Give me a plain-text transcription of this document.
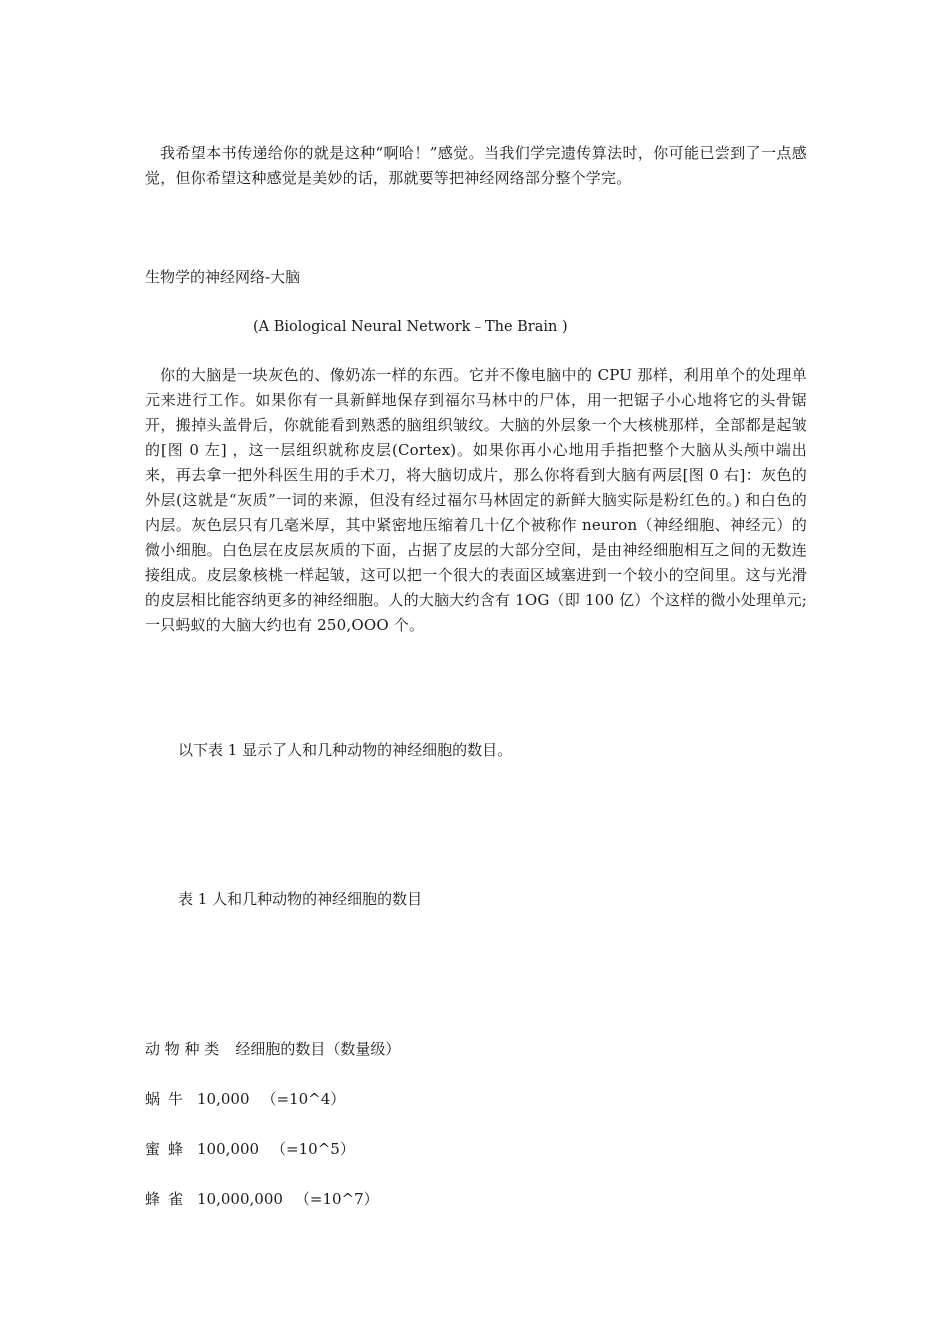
我希望本书传递给你的就是这种“啊哈！”感觉。当我们学完遗传算法时，你可能已尝到了一点感觉，但你希望这种感觉是美妙的话，那就要等把神经网络部分整个学完。

生物学的神经网络-大脑

(A Biological Neural Network﹣The Brain )

你的大脑是一块灰色的、像奶冻一样的东西。它并不像电脑中的 CPU 那样，利用单个的处理单元来进行工作。如果你有一具新鲜地保存到福尔马林中的尸体，用一把锯子小心地将它的头骨锯开，搬掉头盖骨后，你就能看到熟悉的脑组织皱纹。大脑的外层象一个大核桃那样，全部都是起皱的[图 0 左] ，这一层组织就称皮层(Cortex)。如果你再小心地用手指把整个大脑从头颅中端出来，再去拿一把外科医生用的手术刀，将大脑切成片，那么你将看到大脑有两层[图 0 右]：灰色的外层(这就是“灰质”一词的来源，但没有经过福尔马林固定的新鲜大脑实际是粉红色的。) 和白色的内层。灰色层只有几毫米厚，其中紧密地压缩着几十亿个被称作 neuron（神经细胞、神经元）的微小细胞。白色层在皮层灰质的下面，占据了皮层的大部分空间，是由神经细胞相互之间的无数连接组成。皮层象核桃一样起皱，这可以把一个很大的表面区域塞进到一个较小的空间里。这与光滑的皮层相比能容纳更多的神经细胞。人的大脑大约含有 1OG（即 100 亿）个这样的微小处理单元;一只蚂蚁的大脑大约也有 250,OOO 个。

以下表 1 显示了人和几种动物的神经细胞的数目。

表 1 人和几种动物的神经细胞的数目

动 物 种 类 经细胞的数目（数量级）
蜗牛 10,000 （=10^4）
蜜蜂 100,000 （=10^5）
蜂雀 10,000,000 （=10^7）
